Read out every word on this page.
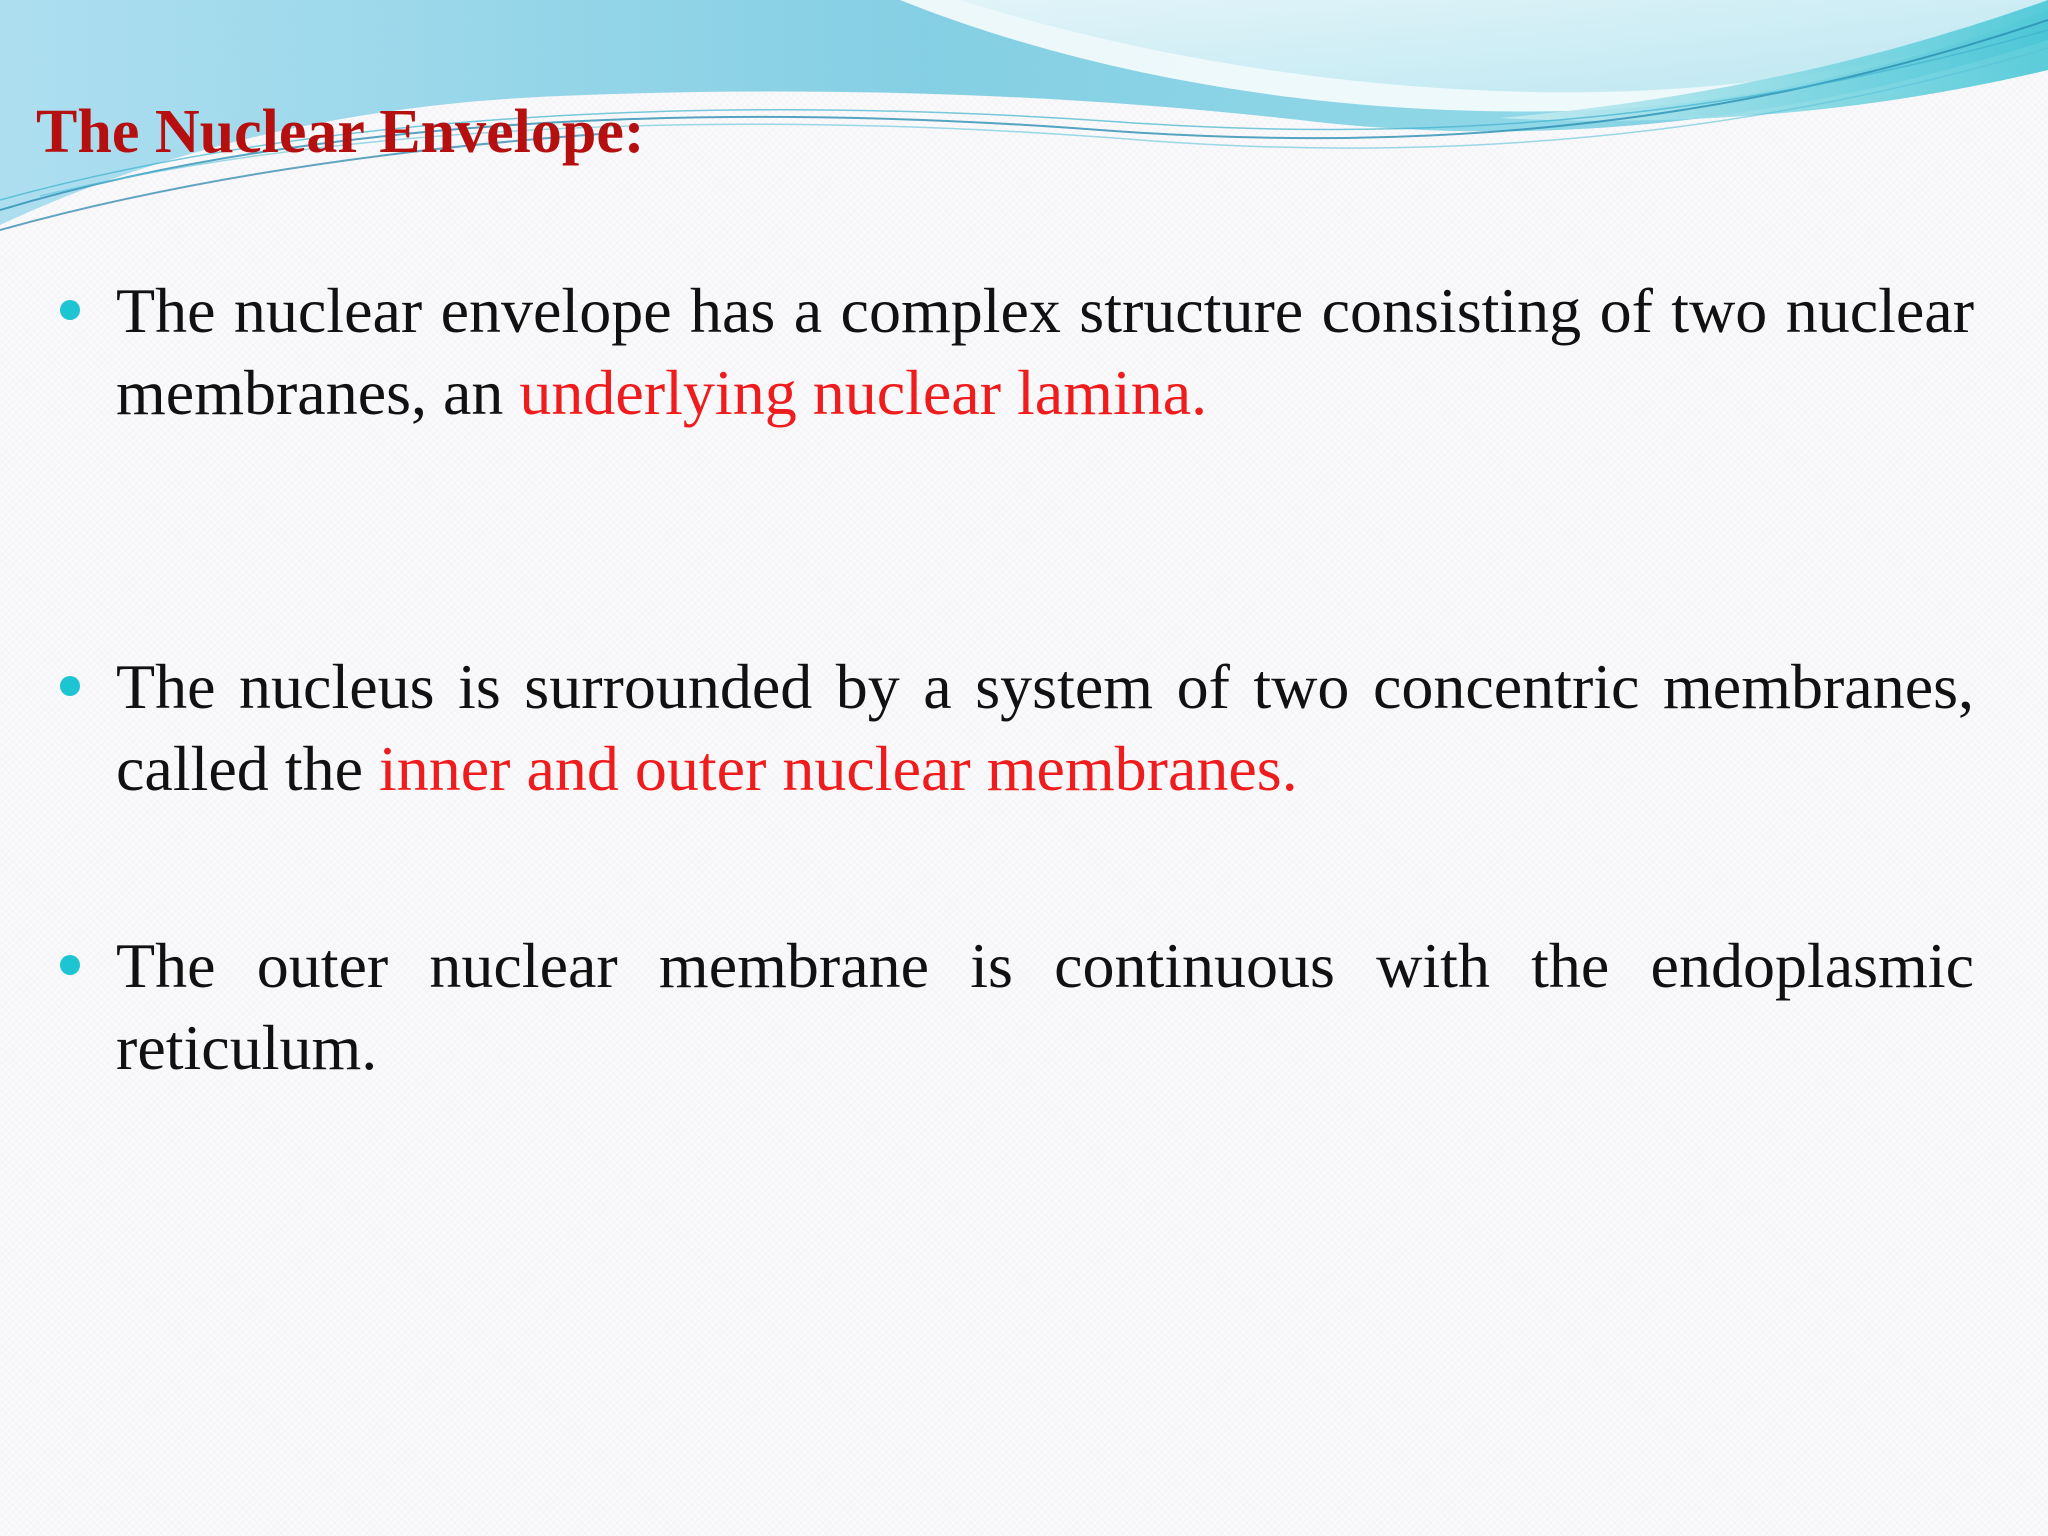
The Nuclear Envelope:

The nuclear envelope has a complex structure consisting of two nuclear membranes, an underlying nuclear lamina.

The nucleus is surrounded by a system of two concentric membranes, called the inner and outer nuclear membranes.

The outer nuclear membrane is continuous with the endoplasmic reticulum.
